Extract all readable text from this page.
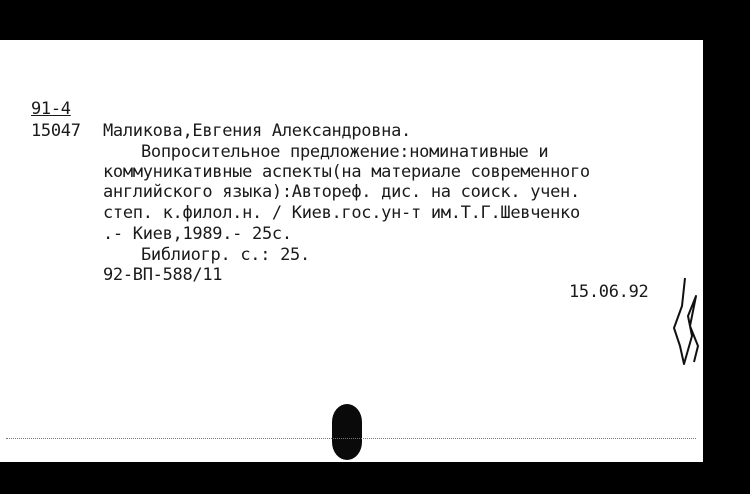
91-4
15047 Маликова,Евгения Александровна.
Вопросительное предложение:номинативные и
коммуникативные аспекты(на материале современного
английского языка):Автореф. дис. на соиск. учен.
степ. к.филол.н. / Киев.гос.ун-т им.Т.Г.Шевченко
.- Киев,1989.- 25с.
Библиогр. с.: 25.
92-ВП-588/11
15.06.92
